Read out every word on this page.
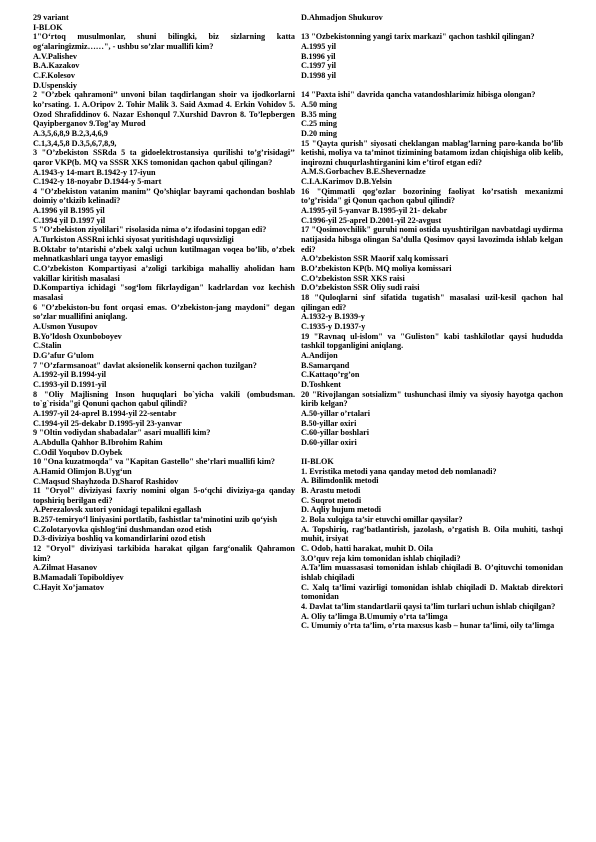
29 variant

I-BLOK

1"O‘rtoq musulmonlar, shuni bilingki, biz sizlarning katta og‘alaringizmiz……", - ushbu so’zlar muallifi kim?

A.V.Palishev

B.A.Kazakov

C.F.Kolesov

D.Uspenskiy

2 "O’zbek qahramoni’’ unvoni bilan taqdirlangan shoir va ijodkorlarni ko’rsating. 1. A.Oripov 2. Tohir Malik 3. Said Axmad 4. Erkin Vohidov 5. Ozod Shrafiddinov 6. Nazar Eshonqul 7.Xurshid Davron 8. To’lepbergen Qayipberganov 9.Tog’ay Murod

A.3,5,6,8,9 B.2,3,4,6,9

C.1,3,4,5,8 D.3,5,6,7,8,9,

3 "O’zbekiston SSRda 5 ta gidoelektrostansiya qurilishi to’g’risidagi’’ qaror VKP(b. MQ va SSSR XKS tomonidan qachon qabul qilingan?

A.1943-y 14-mart B.1942-y 17-iyun

C.1942-y 18-noyabr D.1944-y 5-mart

4 "O’zbekiston vatanim manim’’ Qo’shiqlar bayrami qachondan boshlab doimiy o’tkizib kelinadi?

A.1996 yil B.1995 yil

C.1994 yil D.1997 yil

5 "O’zbekiston ziyolilari" risolasida nima o’z ifodasini topgan edi?

A.Turkiston ASSRni ichki siyosat yuritishdagi uquvsizligi

B.Oktabr to’ntarishi o’zbek xalqi uchun kutilmagan voqea bo’lib, o’zbek mehnatkashlari unga tayyor emasligi

C.O’zbekiston Kompartiyasi a’zoligi tarkibiga mahalliy aholidan ham vakillar kiritish masalasi

D.Kompartiya ichidagi "sog‘lom fikrlaydigan" kadrlardan voz kechish masalasi

6 "O’zbekiston-bu font orqasi emas. O’zbekiston-jang maydoni" degan so’zlar muallifini aniqlang.

A.Usmon Yusupov

B.Yo’ldosh Oxunboboyev

C.Stalin

D.G’afur G’ulom

7 "O’zfarmsanoat" davlat aksionelik konserni qachon tuzilgan?

A.1992-yil B.1994-yil

C.1993-yil D.1991-yil

8 "Oliy Majlisning Inson huquqlari bo`yicha vakili (ombudsman. to`g`risida"gi Qonuni qachon qabul qilindi?

A.1997-yil 24-aprel B.1994-yil 22-sentabr

C.1994-yil 25-dekabr D.1995-yil 23-yanvar

9 "Oltin vodiydan shabadalar" asari muallifi kim?

A.Abdulla Qahhor B.Ibrohim Rahim

C.Odil Yoqubov D.Oybek

10 "Ona kuzatmoqda" va "Kapitan Gastello" she’rlari muallifi kim?

A.Hamid Olimjon B.Uyg‘un

C.Maqsud Shayhzoda D.Sharof Rashidov

11 "Oryol" diviziyasi faxriy nomini olgan 5-o‘qchi diviziya-ga qanday topshiriq berilgan edi?

A.Perezalovsk xutori yonidagi tepalikni egallash

B.257-temiryo‘l liniyasini portlatib, fashistlar ta’minotini uzib qo‘yish

C.Zolotaryovka qishlog‘ini dushmandan ozod etish

D.3-diviziya boshliq va komandirlarini ozod etish

12 "Oryol" diviziyasi tarkibida harakat qilgan farg‘onalik Qahramon kim?

A.Zilmat Hasanov

B.Mamadali Topiboldiyev

C.Hayit Xo’jamatov

D.Ahmadjon Shukurov

13 "Ozbekistonning yangi tarix markazi" qachon tashkil qilingan?

A.1995 yil

B.1996 yil

C.1997 yil

D.1998 yil

14 "Paxta ishi" davrida qancha vatandoshlarimiz hibisga olongan?

A.50 ming

B.35 ming

C.25 ming

D.20 ming

15 "Qayta qurish" siyosati cheklangan mablag’larning paro-kanda bo’lib ketishi, moliya va ta’minot tizimining batamom izdan chiqishiga olib kelib, inqirozni chuqurlashtirganini kim e’tirof etgan edi?

A.M.S.Gorbachev B.E.Shevernadze

C.I.A.Karimov D.B.Yelsin

16 "Qimmatli qog’ozlar bozorining faoliyat ko’rsatish mexanizmi to’g’risida" gi Qonun qachon qabul qilindi?

A.1995-yil 5-yanvar B.1995-yil 21- dekabr

C.1996-yil 25-aprel D.2001-yil 22-avgust

17 "Qosimovchilik" guruhi nomi ostida uyushtirilgan navbatdagi uydirma natijasida hibsga olingan Sa’dulla Qosimov qaysi lavozimda ishlab kelgan edi?

A.O’zbekiston SSR Maorif xalq komissari

B.O’zbekiston KP(b. MQ moliya komissari

C.O’zbekiston SSR XKS raisi

D.O’zbekiston SSR Oliy sudi raisi

18 "Quloqlarni sinf sifatida tugatish" masalasi uzil-kesil qachon hal qilingan edi?

A.1932-y B.1939-y

C.1935-y D.1937-y

19 "Ravnaq ul-islom" va "Guliston" kabi tashkilotlar qaysi hududda tashkil topganligini aniqlang.

A.Andijon

B.Samarqand

C.Kattaqo’rg’on

D.Toshkent

20 "Rivojlangan sotsializm" tushunchasi ilmiy va siyosiy hayotga qachon kirib kelgan?

A.50-yillar o’rtalari

B.50-yillar oxiri

C.60-yillar boshlari

D.60-yillar oxiri

II-BLOK

1. Evristika metodi yana qanday metod deb nomlanadi?

A. Bilimdonlik metodi

B. Arastu metodi

C. Suqrot metodi

D. Aqliy hujum metodi

2. Bola xulqiga ta’sir etuvchi omillar qaysilar?

A. Topshiriq, rag’batlantirish, jazolash, o’rgatish B. Oila muhiti, tashqi muhit, irsiyat

C. Odob, hatti harakat, muhit D. Oila

3.O’quv reja kim tomonidan ishlab chiqiladi?

A.Ta’lim muassasasi tomonidan ishlab chiqiladi B. O’qituvchi tomonidan ishlab chiqiladi

C. Xalq ta’limi vazirligi tomonidan ishlab chiqiladi D. Maktab direktori tomonidan

4. Davlat ta’lim standartlarii qaysi ta’lim turlari uchun ishlab chiqilgan?

A. Oliy ta’limga B.Umumiy o’rta ta’limga

C. Umumiy o’rta ta’lim, o’rta maxsus kasb – hunar ta’limi, oily ta’limga
